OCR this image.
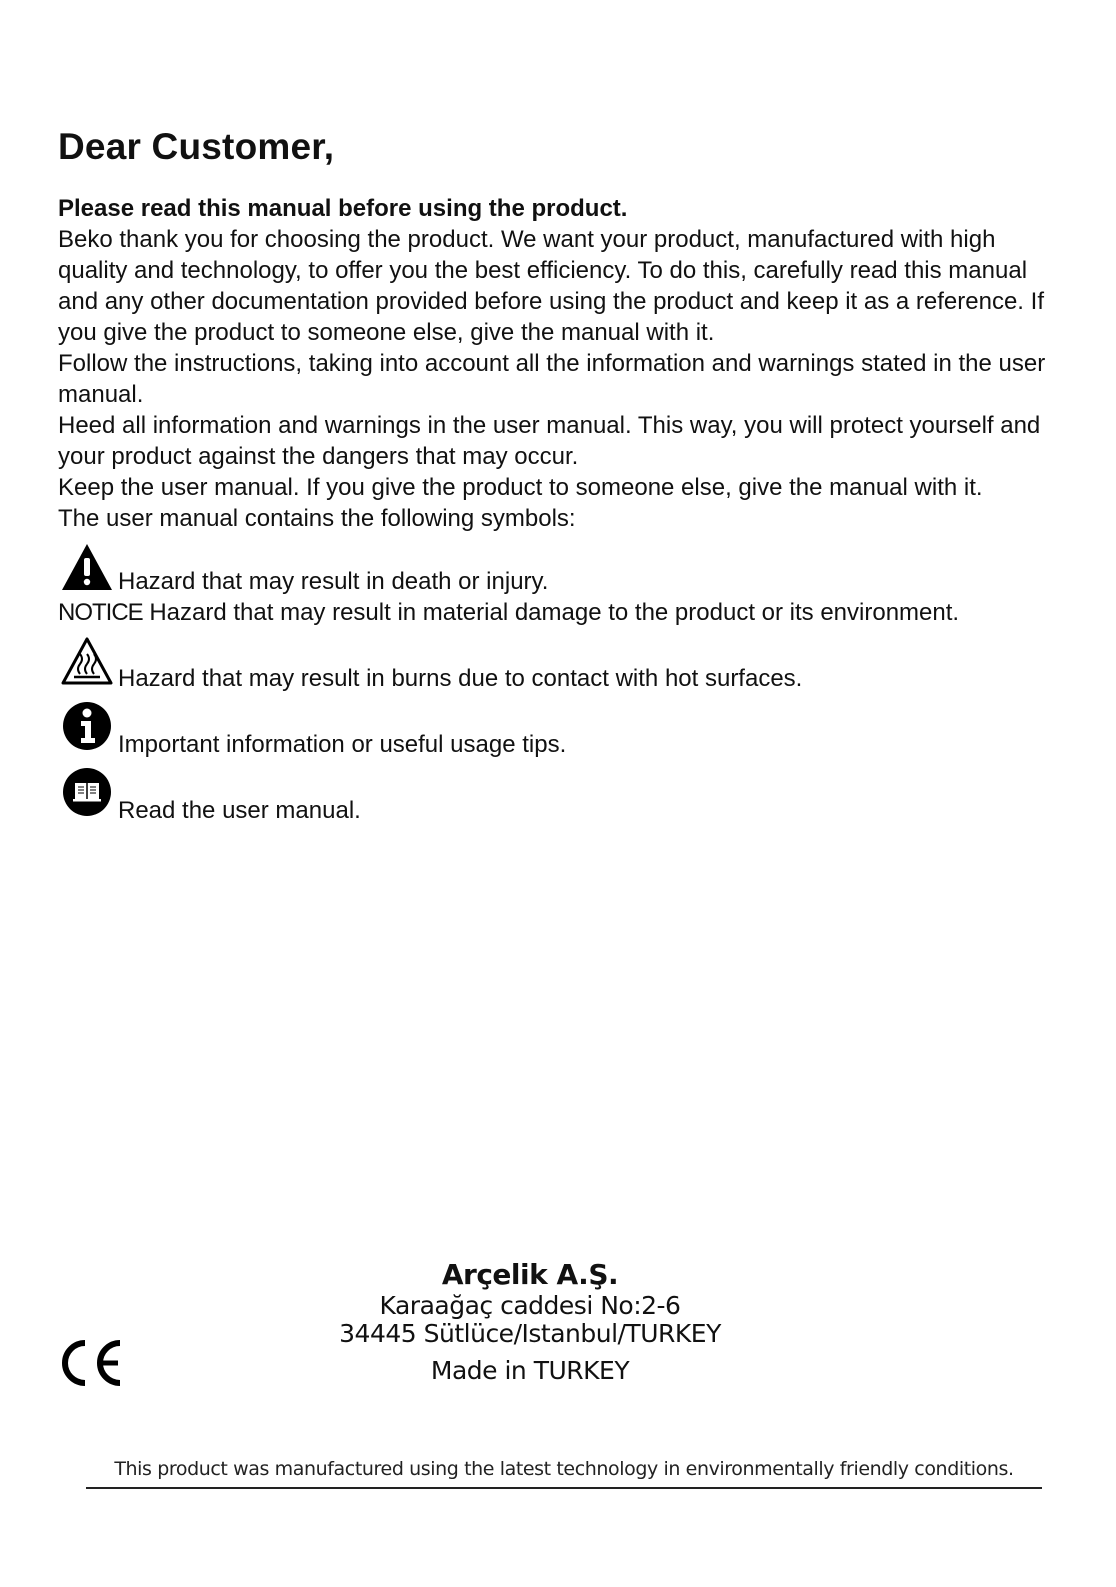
Dear Customer,

Please read this manual before using the product.

Beko thank you for choosing the product. We want your product, manufactured with high quality and technology, to offer you the best efficiency. To do this, carefully read this manual and any other documentation provided before using the product and keep it as a reference. If you give the product to someone else, give the manual with it.

Follow the instructions, taking into account all the information and warnings stated in the user manual.

Heed all information and warnings in the user manual. This way, you will protect yourself and your product against the dangers that may occur.

Keep the user manual. If you give the product to someone else, give the manual with it.

The user manual contains the following symbols:

Hazard that may result in death or injury.
NOTICE Hazard that may result in material damage to the product or its environment.
Hazard that may result in burns due to contact with hot surfaces.
Important information or useful usage tips.
Read the user manual.
Arçelik A.Ş.
Karaağaç caddesi No:2-6
34445 Sütlüce/Istanbul/TURKEY
Made in TURKEY
This product was manufactured using the latest technology in environmentally friendly conditions.
